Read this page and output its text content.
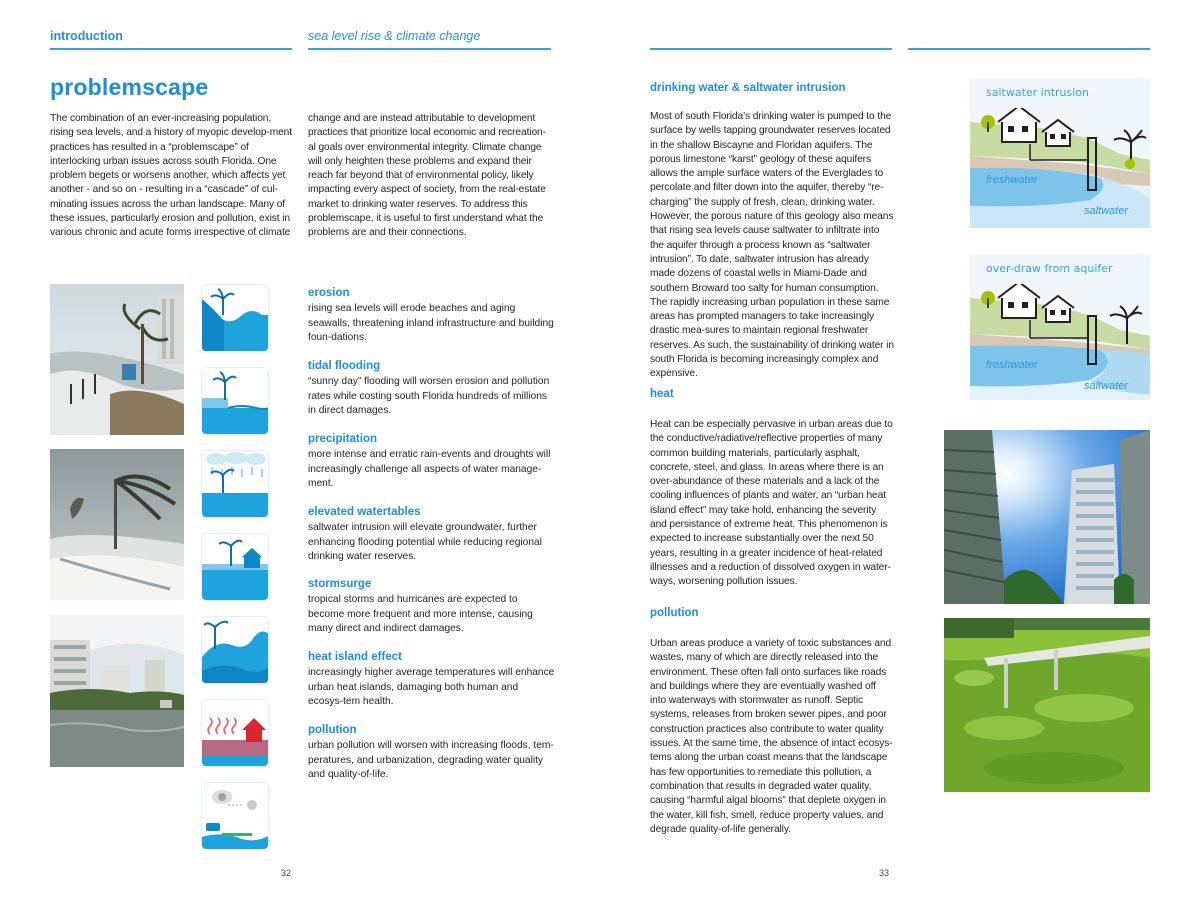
introduction	sea level rise & climate change
problemscape

The combination of an ever-increasing population, rising sea levels, and a history of myopic develop-ment practices has resulted in a “problemscape” of interlocking urban issues across south Florida. One problem begets or worsens another, which affects yet another - and so on - resulting in a “cascade” of cul-minating issues across the urban landscape. Many of these issues, particularly erosion and pollution, exist in various chronic and acute forms irrespective of climate

change and are instead attributable to development practices that prioritize local economic and recreation-al goals over environmental integrity. Climate change will only heighten these problems and expand their reach far beyond that of environmental policy, likely impacting every aspect of society, from the real-estate market to drinking water reserves. To address this problemscape, it is useful to first understand what the problems are and their connections.

erosion
rising sea levels will erode beaches and aging seawalls, threatening inland infrastructure and building foun-dations.
tidal flooding
“sunny day” flooding will worsen erosion and pollution rates while costing south Florida hundreds of millions in direct damages.
precipitation
more intense and erratic rain-events and droughts will increasingly challenge all aspects of water manage-ment.
elevated watertables
saltwater intrusion will elevate groundwater, further enhancing flooding potential while reducing regional drinking water reserves.
stormsurge
tropical storms and hurricanes are expected to become more frequent and more intense, causing many direct and indirect damages.
heat island effect
increasingly higher average temperatures will enhance urban heat islands, damaging both human and ecosys-tem health.
pollution
urban pollution will worsen with increasing floods, tem-peratures, and urbanization, degrading water quality and quality-of-life.
32
drinking water & saltwater intrusion
Most of south Florida’s drinking water is pumped to the surface by wells tapping groundwater reserves located in the shallow Biscayne and Floridan aquifers. The porous limestone “karst” geology of these aquifers allows the ample surface waters of the Everglades to percolate and filter down into the aquifer, thereby “re-charging” the supply of fresh, clean, drinking water. However, the porous nature of this geology also means that rising sea levels cause saltwater to infiltrate into the aquifer through a process known as “saltwater intrusion”. To date, saltwater intrusion has already made dozens of coastal wells in Miami-Dade and southern Broward too salty for human consumption. The rapidly increasing urban population in these same areas has prompted managers to take increasingly drastic mea-sures to maintain regional freshwater reserves. As such, the sustainability of drinking water in south Florida is becoming increasingly complex and expensive.
heat
Heat can be especially pervasive in urban areas due to the conductive/radiative/reflective properties of many common building materials, particularly asphalt, concrete, steel, and glass. In areas where there is an over-abundance of these materials and a lack of the cooling influences of plants and water, an “urban heat island effect” may take hold, enhancing the severity and persistance of extreme heat. This phenomenon is expected to increase substantially over the next 50 years, resulting in a greater incidence of heat-related illnesses and a reduction of dissolved oxygen in water-ways, worsening pollution issues.
pollution
Urban areas produce a variety of toxic substances and wastes, many of which are directly released into the environment. These often fall onto surfaces like roads and buildings where they are eventually washed off into waterways with stormwater as runoff. Septic systems, releases from broken sewer pipes, and poor construction practices also contribute to water quality issues. At the same time, the absence of intact ecosys-tems along the urban coast means that the landscape has few opportunities to remediate this pollution, a combination that results in degraded water quality, causing “harmful algal blooms” that deplete oxygen in the water, kill fish, smell, reduce property values, and degrade quality-of-life generally.
saltwater intrusion
freshwater
saltwater
over-draw from aquifer
freshwater
saltwater
33
